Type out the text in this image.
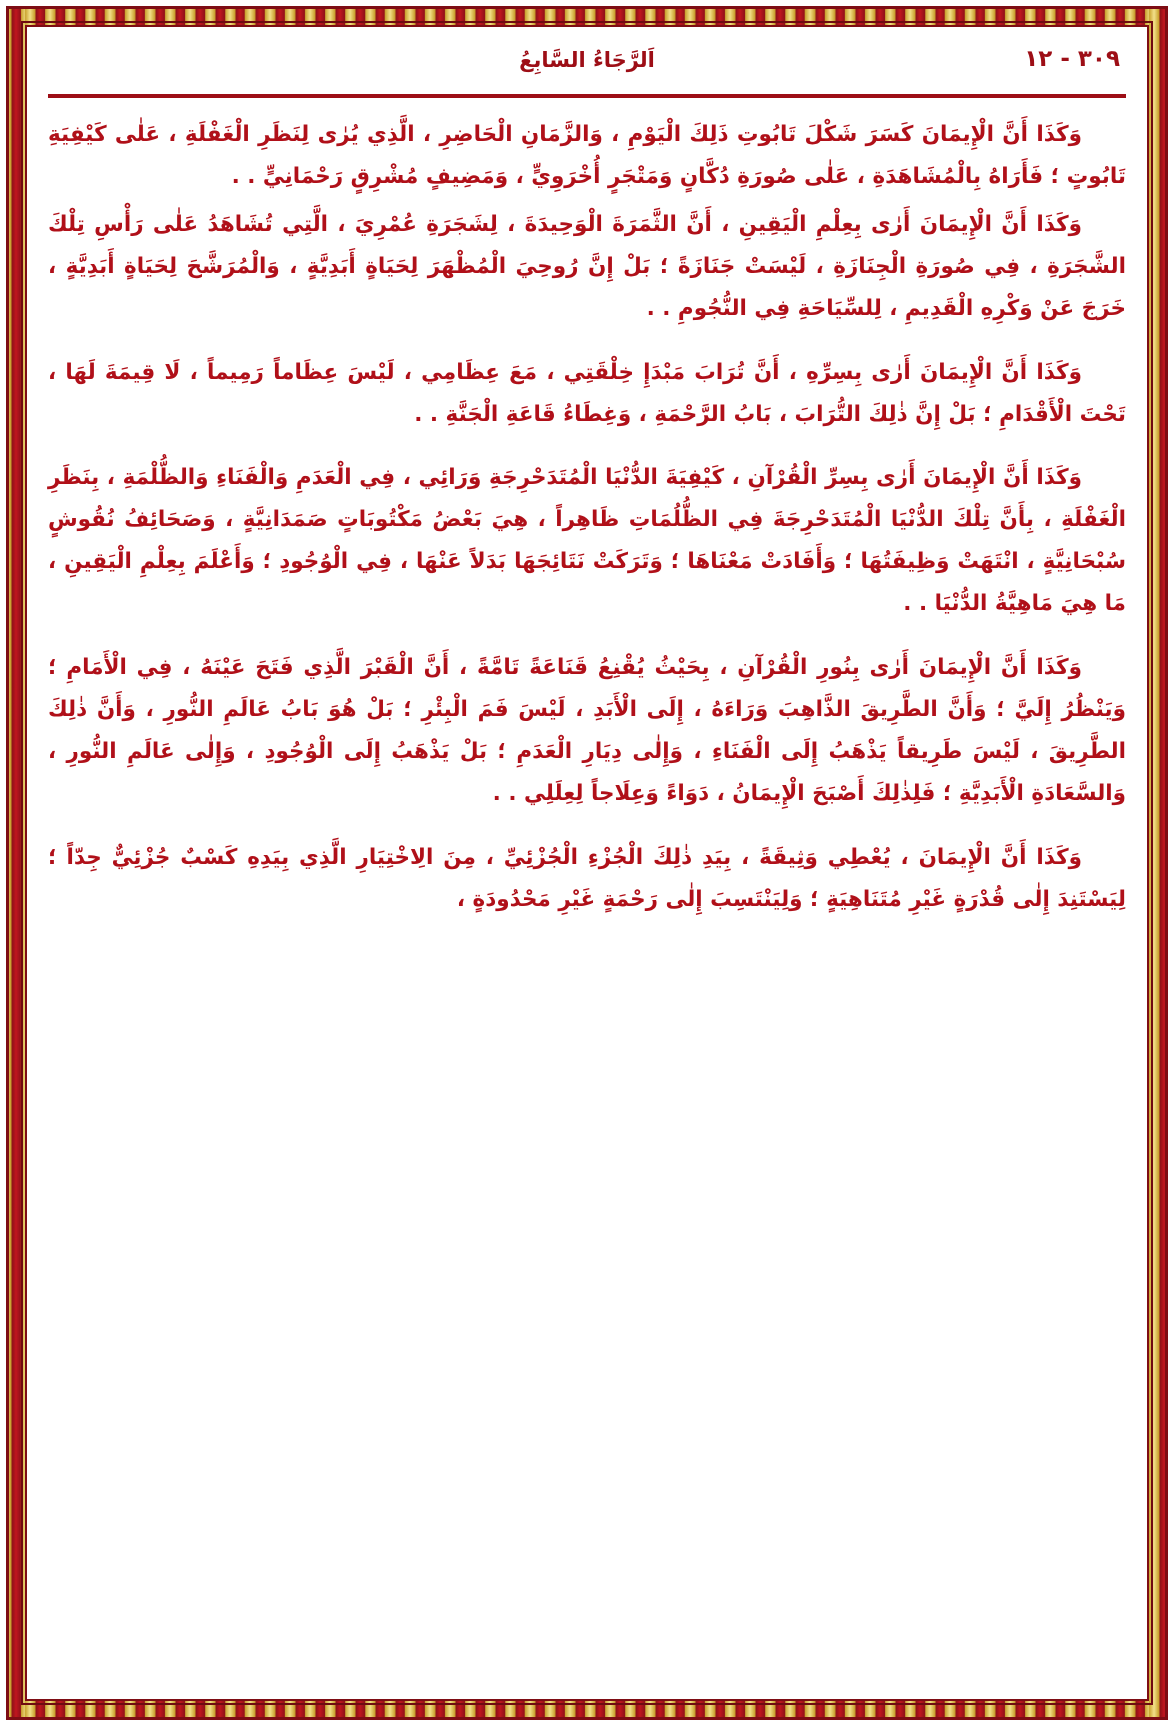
٣٠٩ - ١٢
اَلرَّجَاءُ السَّابِعُ

وَكَذَا أَنَّ الْإِيمَانَ كَسَرَ شَكْلَ تَابُوتِ ذَلِكَ الْيَوْمِ ، وَالزَّمَانِ الْحَاضِرِ ، الَّذِي يُرٰى لِنَظَرِ الْغَفْلَةِ ، عَلٰى كَيْفِيَةِ تَابُوتٍ ؛ فَأَرَاهُ بِالْمُشَاهَدَةِ ، عَلٰى صُورَةِ دُكَّانٍ وَمَتْجَرٍ أُخْرَوِيٍّ ، وَمَضِيفٍ مُشْرِقٍ رَحْمَانِيٍّ . .

وَكَذَا أَنَّ الْإِيمَانَ أَرٰى بِعِلْمِ الْيَقِينِ ، أَنَّ الثَّمَرَةَ الْوَحِيدَةَ ، لِشَجَرَةِ عُمْرِيَ ، الَّتِي تُشَاهَدُ عَلٰى رَأْسِ تِلْكَ الشَّجَرَةِ ، فِي صُورَةِ الْجِنَازَةِ ، لَيْسَتْ جَنَازَةً ؛ بَلْ إِنَّ رُوحِيَ الْمُظْهَرَ لِحَيَاةٍ أَبَدِيَّةٍ ، وَالْمُرَشَّحَ لِحَيَاةٍ أَبَدِيَّةٍ ، خَرَجَ عَنْ وَكْرِهِ الْقَدِيمِ ، لِلسِّيَاحَةِ فِي النُّجُومِ . .

وَكَذَا أَنَّ الْإِيمَانَ أَرٰى بِسِرِّهِ ، أَنَّ تُرَابَ مَبْدَإِ خِلْقَتِي ، مَعَ عِظَامِي ، لَيْسَ عِظَاماً رَمِيماً ، لَا قِيمَةَ لَهَا ، تَحْتَ الْأَقْدَامِ ؛ بَلْ إِنَّ ذٰلِكَ التُّرَابَ ، بَابُ الرَّحْمَةِ ، وَغِطَاءُ قَاعَةِ الْجَنَّةِ . .

وَكَذَا أَنَّ الْإِيمَانَ أَرٰى بِسِرِّ الْقُرْآنِ ، كَيْفِيَةَ الدُّنْيَا الْمُتَدَحْرِجَةِ وَرَائِي ، فِي الْعَدَمِ وَالْفَنَاءِ وَالظُّلْمَةِ ، بِنَظَرِ الْغَفْلَةِ ، بِأَنَّ تِلْكَ الدُّنْيَا الْمُتَدَحْرِجَةَ فِي الظُّلُمَاتِ ظَاهِراً ، هِيَ بَعْضُ مَكْتُوبَاتٍ صَمَدَانِيَّةٍ ، وَصَحَائِفُ نُقُوشٍ سُبْحَانِيَّةٍ ، انْتَهَتْ وَظِيفَتُهَا ؛ وَأَفَادَتْ مَعْنَاهَا ؛ وَتَرَكَتْ نَتَائِجَهَا بَدَلاً عَنْهَا ، فِي الْوُجُودِ ؛ وَأَعْلَمَ بِعِلْمِ الْيَقِينِ ، مَا هِيَ مَاهِيَّةُ الدُّنْيَا . .

وَكَذَا أَنَّ الْإِيمَانَ أَرٰى بِنُورِ الْقُرْآنِ ، بِحَيْثُ يُقْنِعُ قَنَاعَةً تَامَّةً ، أَنَّ الْقَبْرَ الَّذِي فَتَحَ عَيْنَهُ ، فِي الْأَمَامِ ؛ وَيَنْظُرُ إِلَيَّ ؛ وَأَنَّ الطَّرِيقَ الذَّاهِبَ وَرَاءَهُ ، إِلَى الْأَبَدِ ، لَيْسَ فَمَ الْبِئْرِ ؛ بَلْ هُوَ بَابُ عَالَمِ النُّورِ ، وَأَنَّ ذٰلِكَ الطَّرِيقَ ، لَيْسَ طَرِيقاً يَذْهَبُ إِلَى الْفَنَاءِ ، وَإِلٰى دِيَارِ الْعَدَمِ ؛ بَلْ يَذْهَبُ إِلَى الْوُجُودِ ، وَإِلٰى عَالَمِ النُّورِ ، وَالسَّعَادَةِ الْأَبَدِيَّةِ ؛ فَلِذٰلِكَ أَصْبَحَ الْإِيمَانُ ، دَوَاءً وَعِلَاجاً لِعِلَلِي . .

وَكَذَا أَنَّ الْإِيمَانَ ، يُعْطِي وَثِيقَةً ، بِيَدِ ذٰلِكَ الْجُزْءِ الْجُزْئِيِّ ، مِنَ الِاخْتِيَارِ الَّذِي بِيَدِهِ كَسْبٌ جُزْئِيٌّ جِدّاً ؛ لِيَسْتَنِدَ إِلٰى قُدْرَةٍ غَيْرِ مُتَنَاهِيَةٍ ؛ وَلِيَنْتَسِبَ إِلٰى رَحْمَةٍ غَيْرِ مَحْدُودَةٍ ،
